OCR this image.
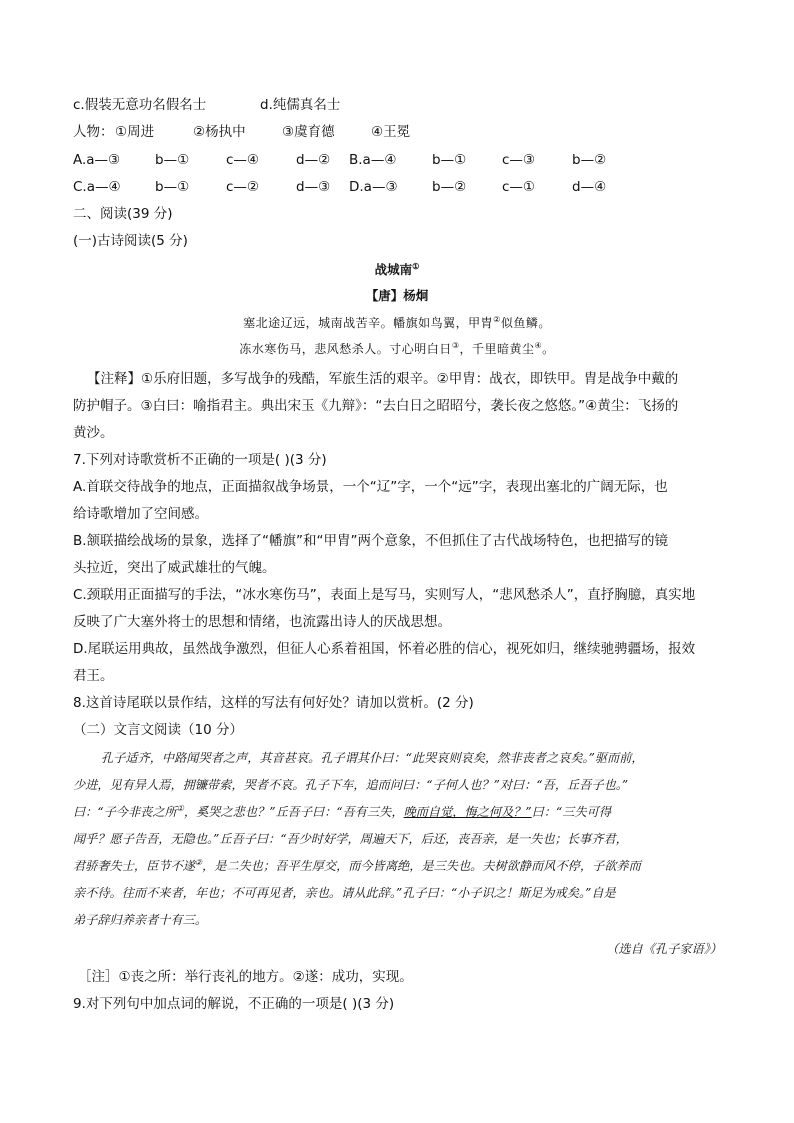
c.假装无意功名假名士	d.纯儒真名士
人物： ①周进	②杨执中	③虞育德	④王冕
A.a—③	b—①	c—④	d—② B.a—④	b—①	c—③	b—②
C.a—④	b—①	c—②	d—③ D.a—③	b—②	c—①	d—④
二、阅读(39 分)
(一)古诗阅读(5 分)
战城南①
【唐】杨炯
塞北途辽远，城南战苦辛。幡旗如鸟翼，甲胄②似鱼鳞。
冻水寒伤马，悲风愁杀人。寸心明白日③，千里暗黄尘④。
【注释】①乐府旧题，多写战争的残酷，军旅生活的艰辛。②甲胄：战衣，即铁甲。胄是战争中戴的
防护帽子。③白曰：喻指君主。典出宋玉《九辩》：“去白日之昭昭兮，袭长夜之悠悠。”④黄尘：飞扬的
黄沙。
7.下列对诗歌赏析不正确的一项是( )(3 分)
A.首联交待战争的地点，正面描叙战争场景，一个“辽”字，一个“远”字，表现出塞北的广阔无际，也
给诗歌增加了空间感。
B.颔联描绘战场的景象，选择了“幡旗”和“甲胄”两个意象，不但抓住了古代战场特色，也把描写的镜
头拉近，突出了威武雄壮的气魄。
C.颈联用正面描写的手法，“冰水寒伤马”，表面上是写马，实则写人，“悲风愁杀人”，直抒胸臆，真实地
反映了广大塞外将士的思想和情绪，也流露出诗人的厌战思想。
D.尾联运用典故，虽然战争激烈，但征人心系着祖国，怀着必胜的信心，视死如归，继续驰骋疆场，报效
君王。
8.这首诗尾联以景作结，这样的写法有何好处？请加以赏析。(2 分)
（二）文言文阅读（10 分）
孔子适齐，中路闻哭者之声，其音甚哀。孔子谓其仆曰：“此哭哀则哀矣，然非丧者之哀矣。”驱而前，
少进，见有异人焉，拥镰带索，哭者不哀。孔子下车，追而问曰：“子何人也？”对曰：“吾，丘吾子也。”
曰：“子今非丧之所①，奚哭之悲也？”丘吾子曰：“吾有三失，晚而自觉，悔之何及？”曰：“三失可得
闻乎？愿子告吾，无隐也。”丘吾子曰：“吾少时好学，周遍天下，后还，丧吾亲，是一失也；长事齐君，
君骄奢失士，臣节不遂②，是二失也；吾平生厚交，而今皆离绝，是三失也。夫树欲静而风不停，子欲养而
亲不待。往而不来者，年也；不可再见者，亲也。请从此辞。”孔子曰：“小子识之！斯足为戒矣。”自是
弟子辞归养亲者十有三。
（选自《孔子家语》）
［注］①丧之所：举行丧礼的地方。②遂：成功，实现。
9.对下列句中加点词的解说，不正确的一项是( )(3 分)
